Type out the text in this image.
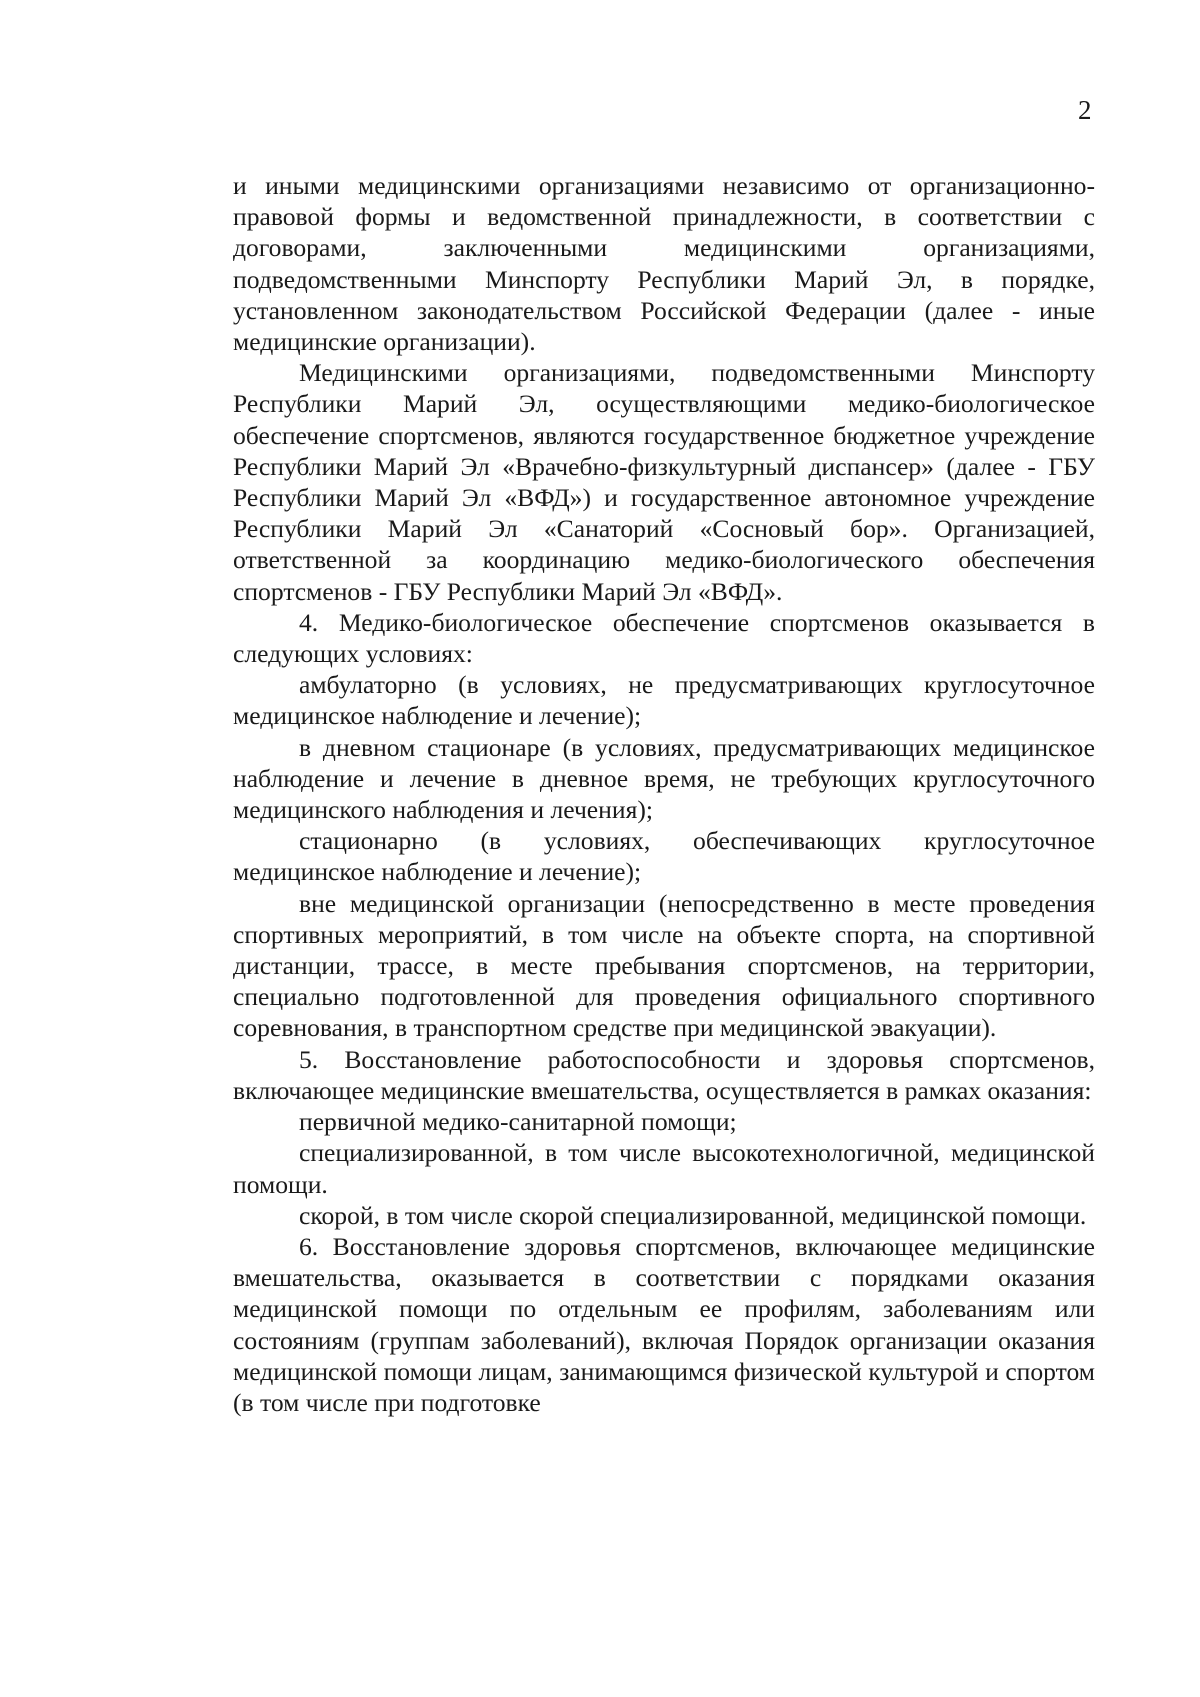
2

и иными медицинскими организациями независимо от организационно-правовой формы и ведомственной принадлежности, в соответствии с договорами, заключенными медицинскими организациями, подведомственными Минспорту Республики Марий Эл, в порядке, установленном законодательством Российской Федерации (далее - иные медицинские организации).

Медицинскими организациями, подведомственными Минспорту Республики Марий Эл, осуществляющими медико-биологическое обеспечение спортсменов, являются государственное бюджетное учреждение Республики Марий Эл «Врачебно-физкультурный диспансер» (далее - ГБУ Республики Марий Эл «ВФД») и государственное автономное учреждение Республики Марий Эл «Санаторий «Сосновый бор». Организацией, ответственной за координацию медико-биологического обеспечения спортсменов - ГБУ Республики Марий Эл «ВФД».

4. Медико-биологическое обеспечение спортсменов оказывается в следующих условиях:

амбулаторно (в условиях, не предусматривающих круглосуточное медицинское наблюдение и лечение);

в дневном стационаре (в условиях, предусматривающих медицинское наблюдение и лечение в дневное время, не требующих круглосуточного медицинского наблюдения и лечения);

стационарно (в условиях, обеспечивающих круглосуточное медицинское наблюдение и лечение);

вне медицинской организации (непосредственно в месте проведения спортивных мероприятий, в том числе на объекте спорта, на спортивной дистанции, трассе, в месте пребывания спортсменов, на территории, специально подготовленной для проведения официального спортивного соревнования, в транспортном средстве при медицинской эвакуации).

5. Восстановление работоспособности и здоровья спортсменов, включающее медицинские вмешательства, осуществляется в рамках оказания:

первичной медико-санитарной помощи;

специализированной, в том числе высокотехнологичной, медицинской помощи.

скорой, в том числе скорой специализированной, медицинской помощи.

6. Восстановление здоровья спортсменов, включающее медицинские вмешательства, оказывается в соответствии с порядками оказания медицинской помощи по отдельным ее профилям, заболеваниям или состояниям (группам заболеваний), включая Порядок организации оказания медицинской помощи лицам, занимающимся физической культурой и спортом (в том числе при подготовке
